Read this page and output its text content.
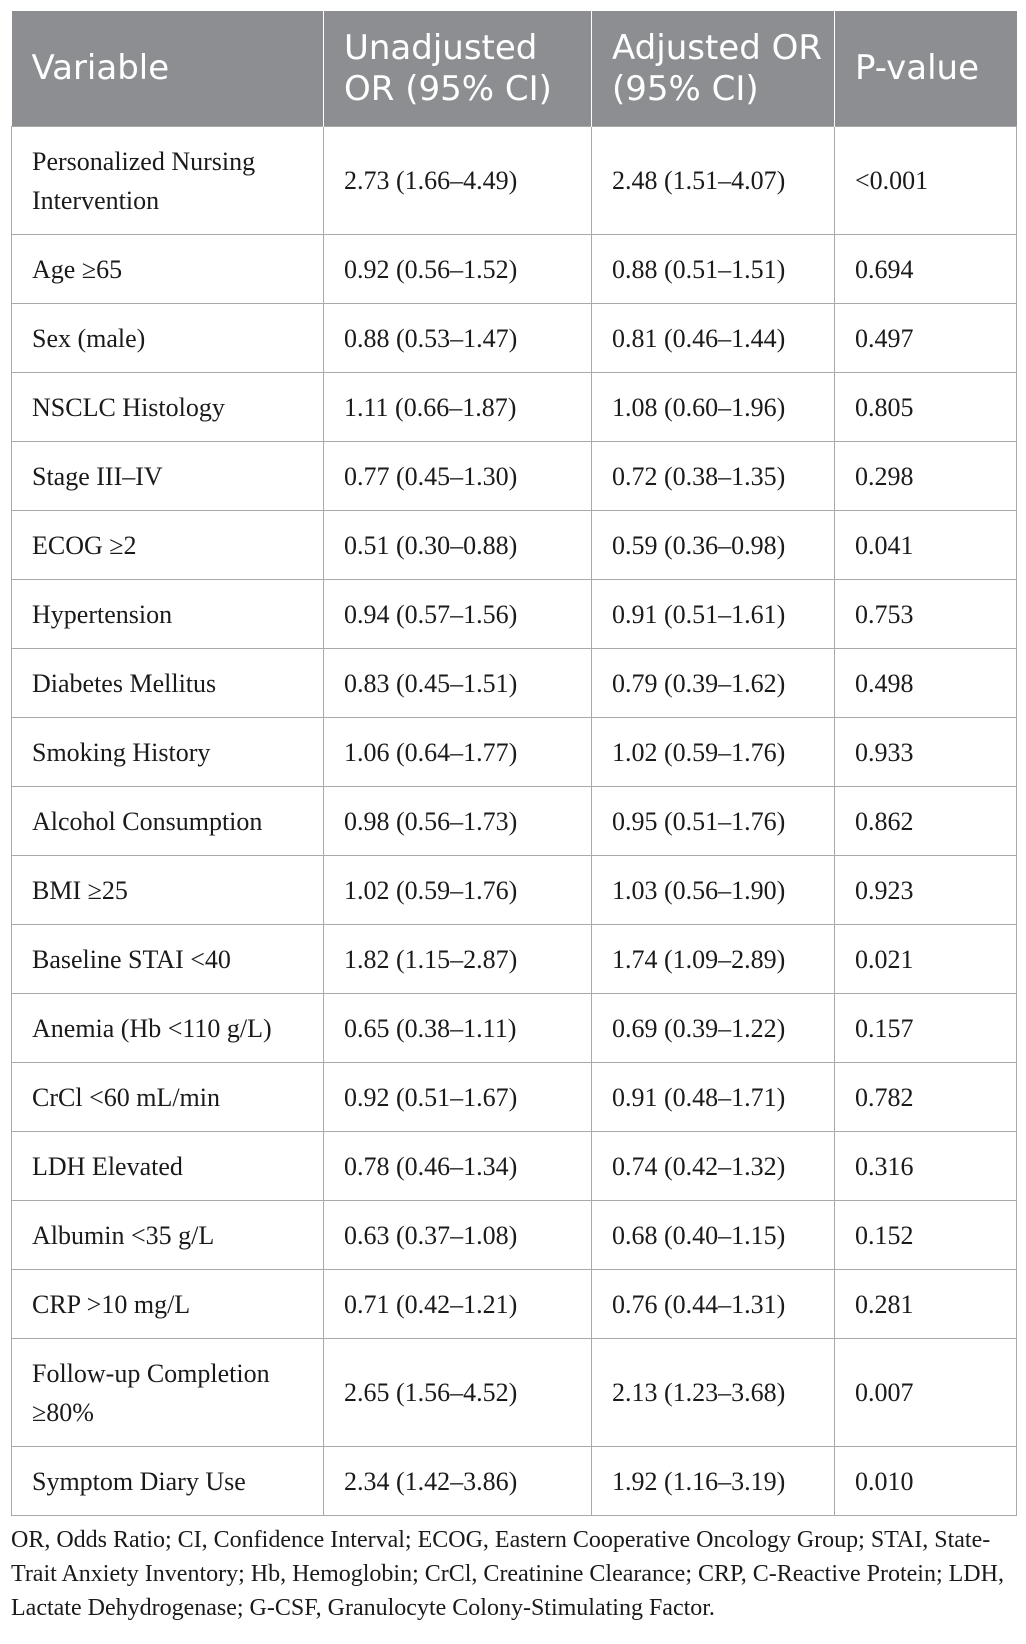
Variable	Unadjusted OR (95% CI)	Adjusted OR (95% CI)	P-value
Personalized Nursing Intervention	2.73 (1.66–4.49)	2.48 (1.51–4.07)	<0.001
Age ≥65	0.92 (0.56–1.52)	0.88 (0.51–1.51)	0.694
Sex (male)	0.88 (0.53–1.47)	0.81 (0.46–1.44)	0.497
NSCLC Histology	1.11 (0.66–1.87)	1.08 (0.60–1.96)	0.805
Stage III–IV	0.77 (0.45–1.30)	0.72 (0.38–1.35)	0.298
ECOG ≥2	0.51 (0.30–0.88)	0.59 (0.36–0.98)	0.041
Hypertension	0.94 (0.57–1.56)	0.91 (0.51–1.61)	0.753
Diabetes Mellitus	0.83 (0.45–1.51)	0.79 (0.39–1.62)	0.498
Smoking History	1.06 (0.64–1.77)	1.02 (0.59–1.76)	0.933
Alcohol Consumption	0.98 (0.56–1.73)	0.95 (0.51–1.76)	0.862
BMI ≥25	1.02 (0.59–1.76)	1.03 (0.56–1.90)	0.923
Baseline STAI <40	1.82 (1.15–2.87)	1.74 (1.09–2.89)	0.021
Anemia (Hb <110 g/L)	0.65 (0.38–1.11)	0.69 (0.39–1.22)	0.157
CrCl <60 mL/min	0.92 (0.51–1.67)	0.91 (0.48–1.71)	0.782
LDH Elevated	0.78 (0.46–1.34)	0.74 (0.42–1.32)	0.316
Albumin <35 g/L	0.63 (0.37–1.08)	0.68 (0.40–1.15)	0.152
CRP >10 mg/L	0.71 (0.42–1.21)	0.76 (0.44–1.31)	0.281
Follow-up Completion ≥80%	2.65 (1.56–4.52)	2.13 (1.23–3.68)	0.007
Symptom Diary Use	2.34 (1.42–3.86)	1.92 (1.16–3.19)	0.010
OR, Odds Ratio; CI, Confidence Interval; ECOG, Eastern Cooperative Oncology Group; STAI, State-Trait Anxiety Inventory; Hb, Hemoglobin; CrCl, Creatinine Clearance; CRP, C-Reactive Protein; LDH, Lactate Dehydrogenase; G-CSF, Granulocyte Colony-Stimulating Factor.
